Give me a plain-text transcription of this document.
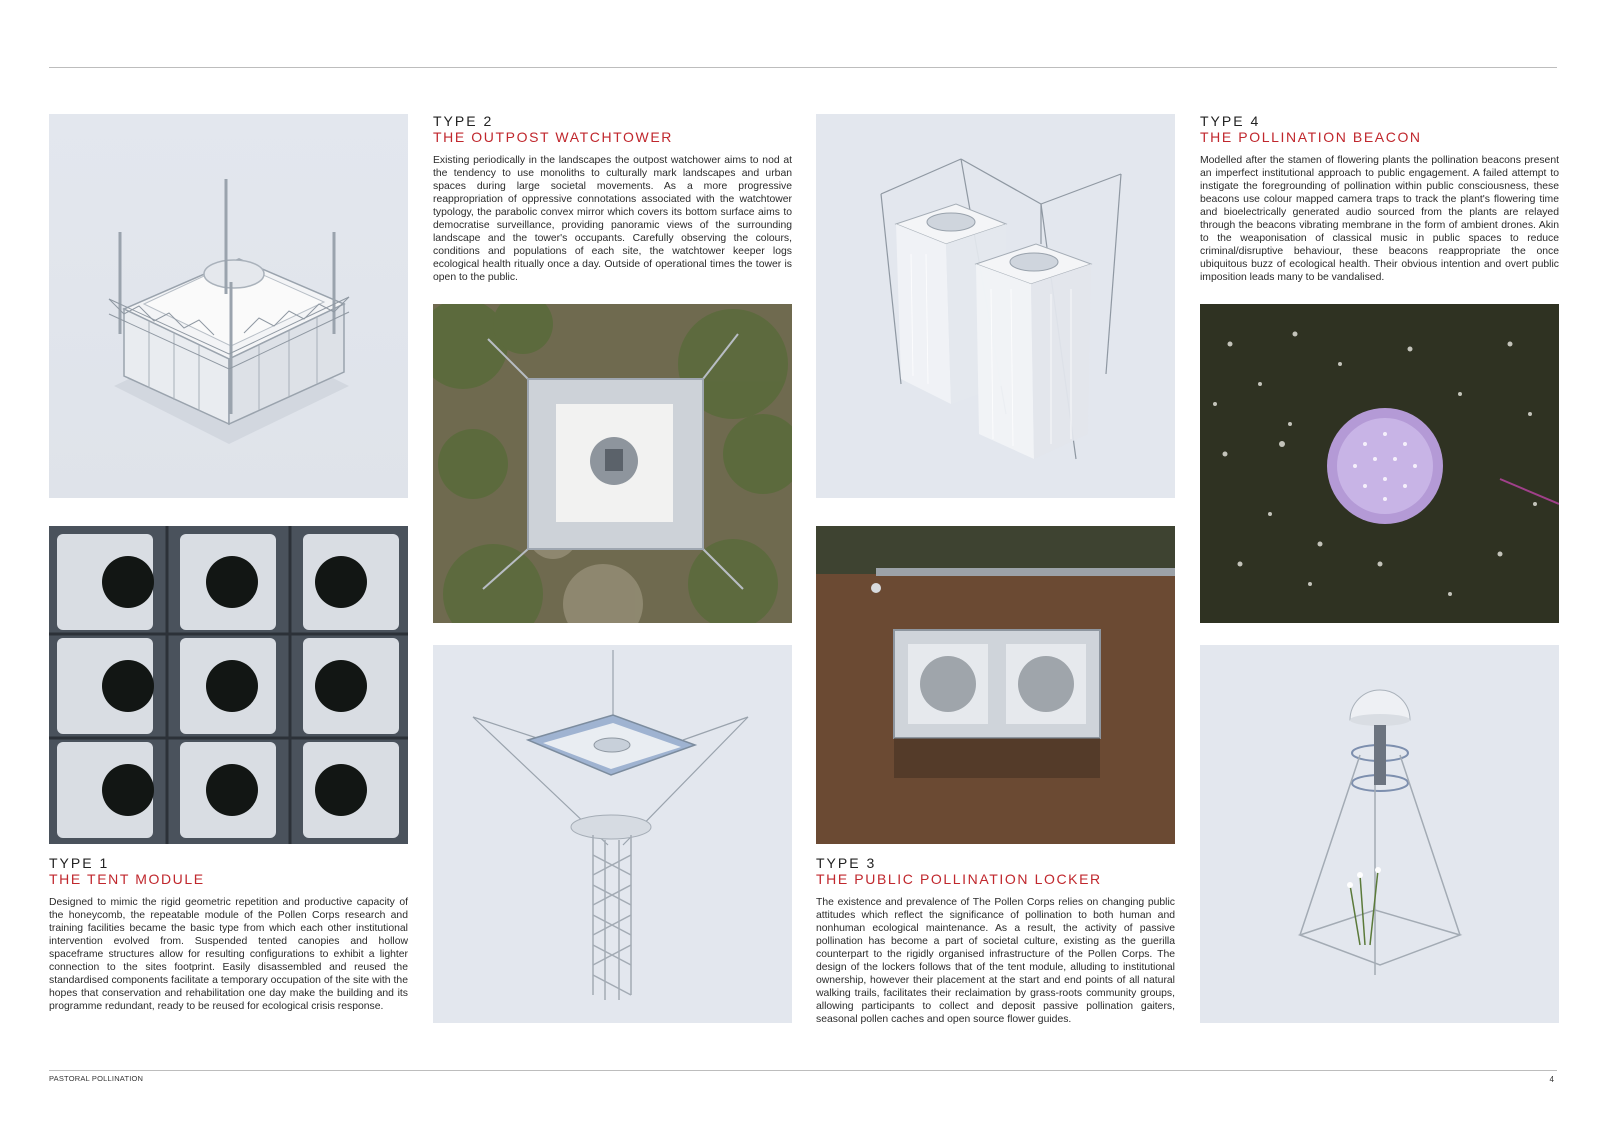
TYPE 1

THE TENT MODULE

Designed to mimic the rigid geometric repetition and productive capacity of the honeycomb, the repeatable module of the Pollen Corps research and training facilities became the basic type from which each other institutional intervention evolved from. Suspended tented canopies and hollow spaceframe structures allow for resulting configurations to exhibit a lighter connection to the sites footprint. Easily disassembled and reused the standardised components facilitate a temporary occupation of the site with the hopes that conservation and rehabilitation one day make the building and its programme redundant, ready to be reused for ecological crisis response.

TYPE 2

THE OUTPOST WATCHTOWER

Existing periodically in the landscapes the outpost watchower aims to nod at the tendency to use monoliths to culturally mark landscapes and urban spaces during large societal movements. As a more progressive reappropriation of oppressive connotations associated with the watchtower typology, the parabolic convex mirror which covers its bottom surface aims to democratise surveillance, providing panoramic views of the surrounding landscape and the tower's occupants. Carefully observing the colours, conditions and populations of each site, the watchtower keeper logs ecological health ritually once a day. Outside of operational times the tower is open to the public.

TYPE 3

THE PUBLIC POLLINATION LOCKER

The existence and prevalence of The Pollen Corps relies on changing public attitudes which reflect the significance of pollination to both human and nonhuman ecological maintenance. As a result, the activity of passive pollination has become a part of societal culture, existing as the guerilla counterpart to the rigidly organised infrastructure of the Pollen Corps. The design of the lockers follows that of the tent module, alluding to institutional ownership, however their placement at the start and end points of all natural walking trails, facilitates their reclaimation by grass-roots community groups, allowing participants to collect and deposit passive pollination gaiters, seasonal pollen caches and open source flower guides.

TYPE 4

THE POLLINATION BEACON

Modelled after the stamen of flowering plants the pollination beacons present an imperfect institutional approach to public engagement. A failed attempt to instigate the foregrounding of pollination within public consciousness, these beacons use colour mapped camera traps to track the plant's flowering time and bioelectrically generated audio sourced from the plants are relayed through the beacons vibrating membrane in the form of ambient drones. Akin to the weaponisation of classical music in public spaces to reduce criminal/disruptive behaviour, these beacons reappropriate the once ubiquitous buzz of ecological health. Their obvious intention and overt public imposition leads many to be vandalised.

PASTORAL POLLINATION	4
